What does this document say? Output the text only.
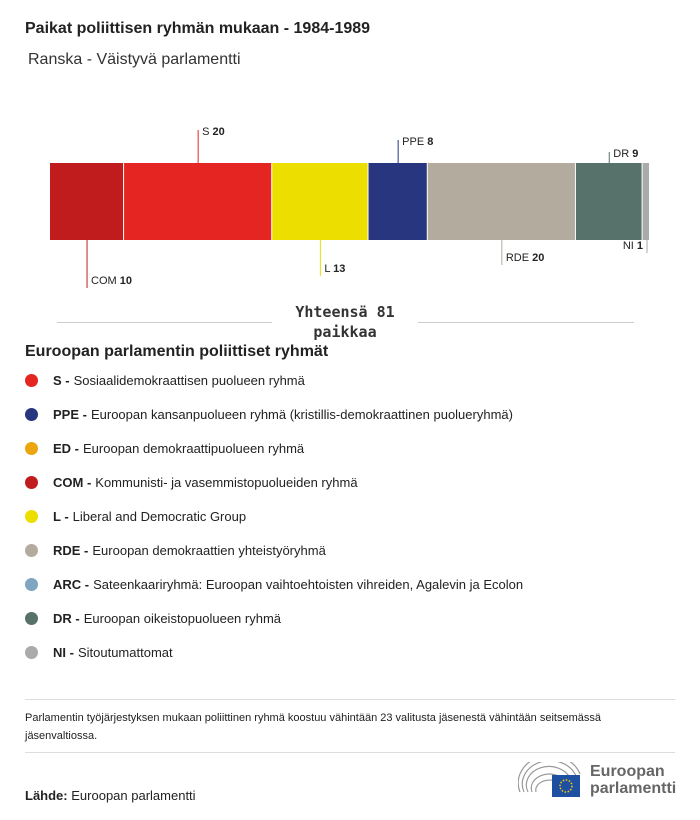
Paikat poliittisen ryhmän mukaan - 1984-1989
Ranska - Väistyvä parlamentti
COM 10
S 20
L 13
PPE 8
RDE 20
DR 9
NI 1
Yhteensä 81 paikkaa
Euroopan parlamentin poliittiset ryhmät
S - Sosiaalidemokraattisen puolueen ryhmä
PPE - Euroopan kansanpuolueen ryhmä (kristillis-demokraattinen puolueryhmä)
ED - Euroopan demokraattipuolueen ryhmä
COM - Kommunisti- ja vasemmistopuolueiden ryhmä
L - Liberal and Democratic Group
RDE - Euroopan demokraattien yhteistyöryhmä
ARC - Sateenkaariryhmä: Euroopan vaihtoehtoisten vihreiden, Agalevin ja Ecolon
DR - Euroopan oikeistopuolueen ryhmä
NI - Sitoutumattomat
Parlamentin työjärjestyksen mukaan poliittinen ryhmä koostuu vähintään 23 valitusta jäsenestä vähintään seitsemässä jäsenvaltiossa.
Lähde: Euroopan parlamentti
Euroopan
parlamentti
